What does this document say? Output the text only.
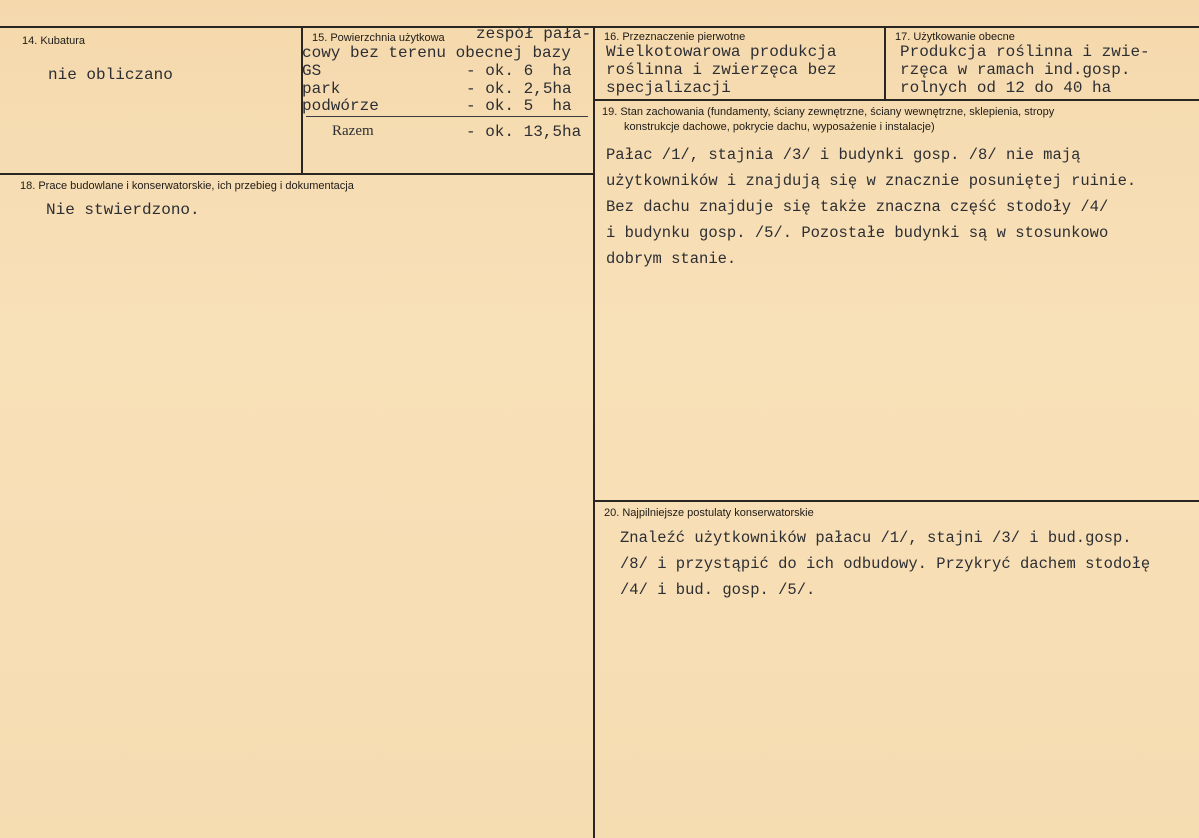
14. Kubatura
nie obliczano
15. Powierzchnia użytkowa zespół pała-
cowy bez terenu obecnej bazy
GS	- ok. 6  ha
park	- ok. 2,5ha
podwórze	- ok. 5  ha
Razem	- ok. 13,5ha
16. Przeznaczenie pierwotne
Wielkotowarowa produkcja
roślinna i zwierzęca bez
specjalizacji
17. Użytkowanie obecne
Produkcja roślinna i zwie-
rzęca w ramach ind.gosp.
rolnych od 12 do 40 ha
18. Prace budowlane i konserwatorskie, ich przebieg i dokumentacja
Nie stwierdzono.
19. Stan zachowania (fundamenty, ściany zewnętrzne, ściany wewnętrzne, sklepienia, stropy
konstrukcje dachowe, pokrycie dachu, wyposażenie i instalacje)
Pałac /1/, stajnia /3/ i budynki gosp. /8/ nie mają
użytkowników i znajdują się w znacznie posuniętej ruinie.
Bez dachu znajduje się także znaczna część stodoły /4/
i budynku gosp. /5/. Pozostałe budynki są w stosunkowo
dobrym stanie.
20. Najpilniejsze postulaty konserwatorskie
Znaleźć użytkowników pałacu /1/, stajni /3/ i bud.gosp.
/8/ i przystąpić do ich odbudowy. Przykryć dachem stodołę
/4/ i bud. gosp. /5/.
